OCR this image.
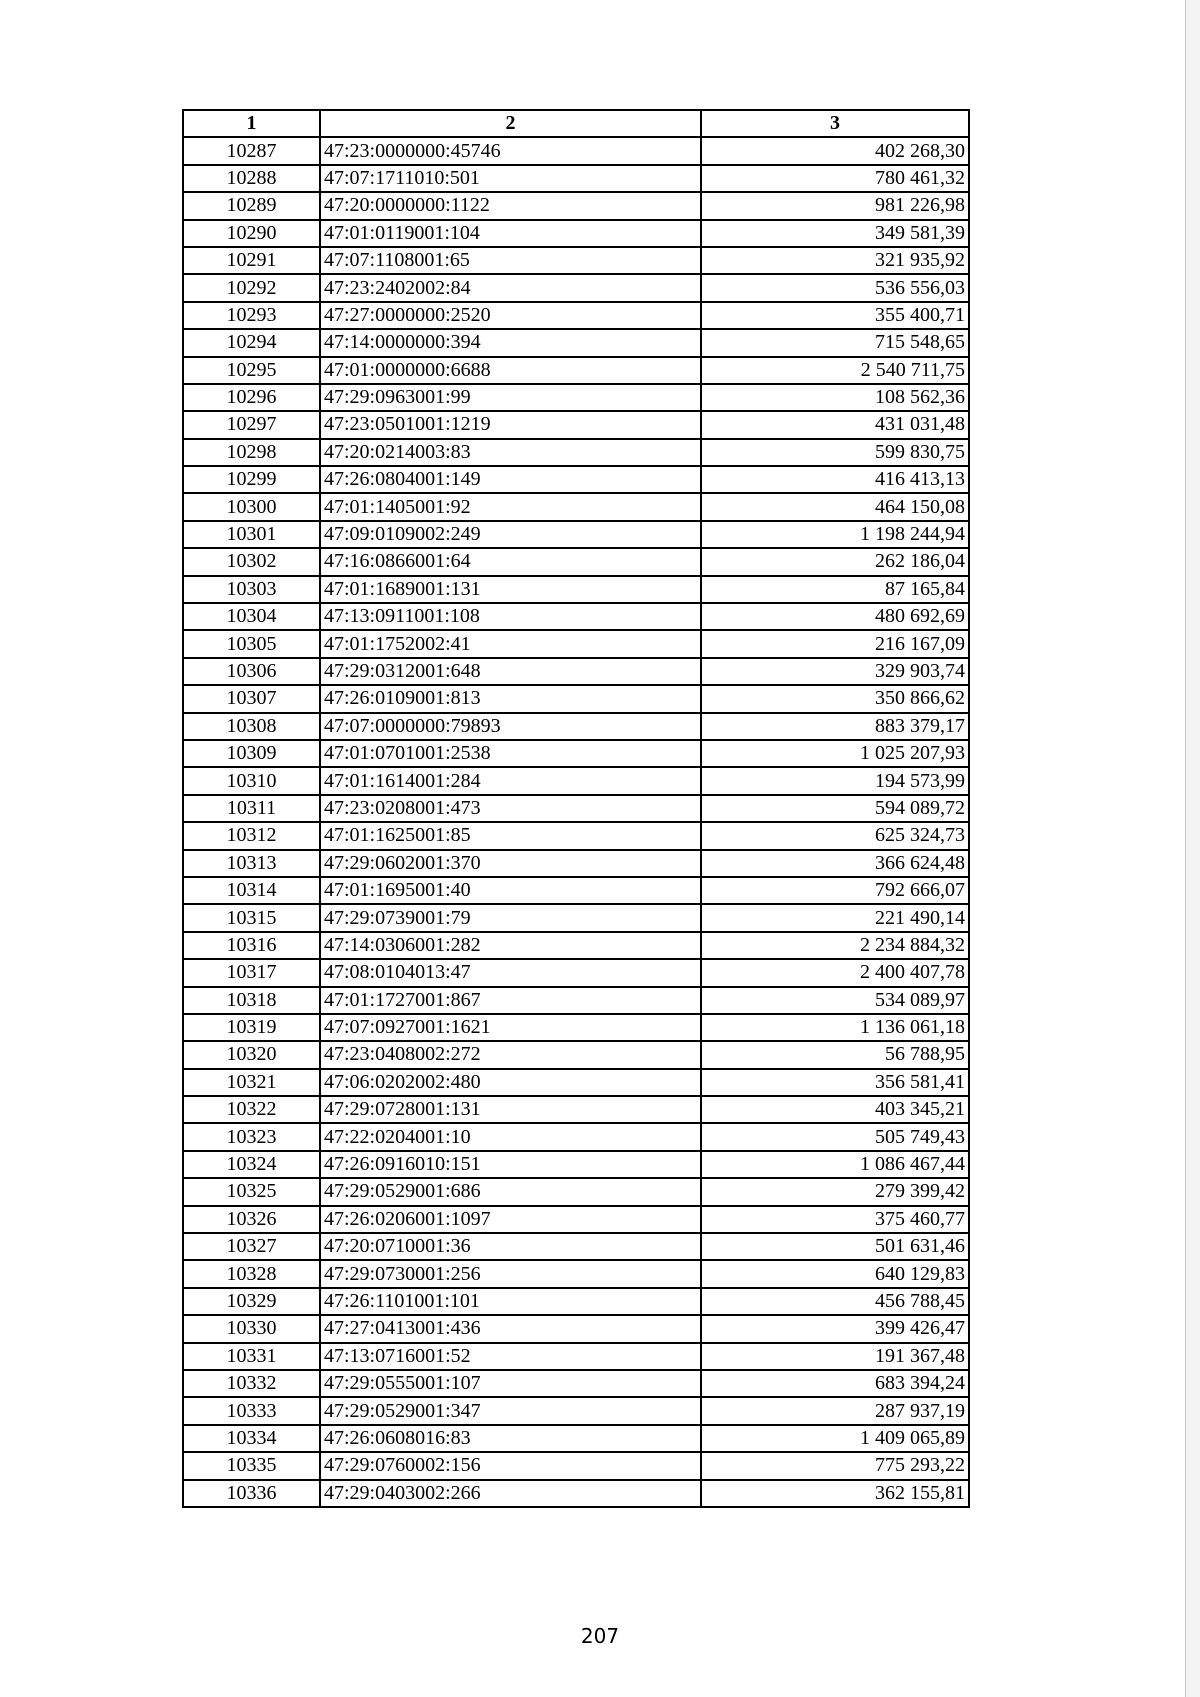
1	2	3
10287	47:23:0000000:45746	402 268,30
10288	47:07:1711010:501	780 461,32
10289	47:20:0000000:1122	981 226,98
10290	47:01:0119001:104	349 581,39
10291	47:07:1108001:65	321 935,92
10292	47:23:2402002:84	536 556,03
10293	47:27:0000000:2520	355 400,71
10294	47:14:0000000:394	715 548,65
10295	47:01:0000000:6688	2 540 711,75
10296	47:29:0963001:99	108 562,36
10297	47:23:0501001:1219	431 031,48
10298	47:20:0214003:83	599 830,75
10299	47:26:0804001:149	416 413,13
10300	47:01:1405001:92	464 150,08
10301	47:09:0109002:249	1 198 244,94
10302	47:16:0866001:64	262 186,04
10303	47:01:1689001:131	87 165,84
10304	47:13:0911001:108	480 692,69
10305	47:01:1752002:41	216 167,09
10306	47:29:0312001:648	329 903,74
10307	47:26:0109001:813	350 866,62
10308	47:07:0000000:79893	883 379,17
10309	47:01:0701001:2538	1 025 207,93
10310	47:01:1614001:284	194 573,99
10311	47:23:0208001:473	594 089,72
10312	47:01:1625001:85	625 324,73
10313	47:29:0602001:370	366 624,48
10314	47:01:1695001:40	792 666,07
10315	47:29:0739001:79	221 490,14
10316	47:14:0306001:282	2 234 884,32
10317	47:08:0104013:47	2 400 407,78
10318	47:01:1727001:867	534 089,97
10319	47:07:0927001:1621	1 136 061,18
10320	47:23:0408002:272	56 788,95
10321	47:06:0202002:480	356 581,41
10322	47:29:0728001:131	403 345,21
10323	47:22:0204001:10	505 749,43
10324	47:26:0916010:151	1 086 467,44
10325	47:29:0529001:686	279 399,42
10326	47:26:0206001:1097	375 460,77
10327	47:20:0710001:36	501 631,46
10328	47:29:0730001:256	640 129,83
10329	47:26:1101001:101	456 788,45
10330	47:27:0413001:436	399 426,47
10331	47:13:0716001:52	191 367,48
10332	47:29:0555001:107	683 394,24
10333	47:29:0529001:347	287 937,19
10334	47:26:0608016:83	1 409 065,89
10335	47:29:0760002:156	775 293,22
10336	47:29:0403002:266	362 155,81
207
